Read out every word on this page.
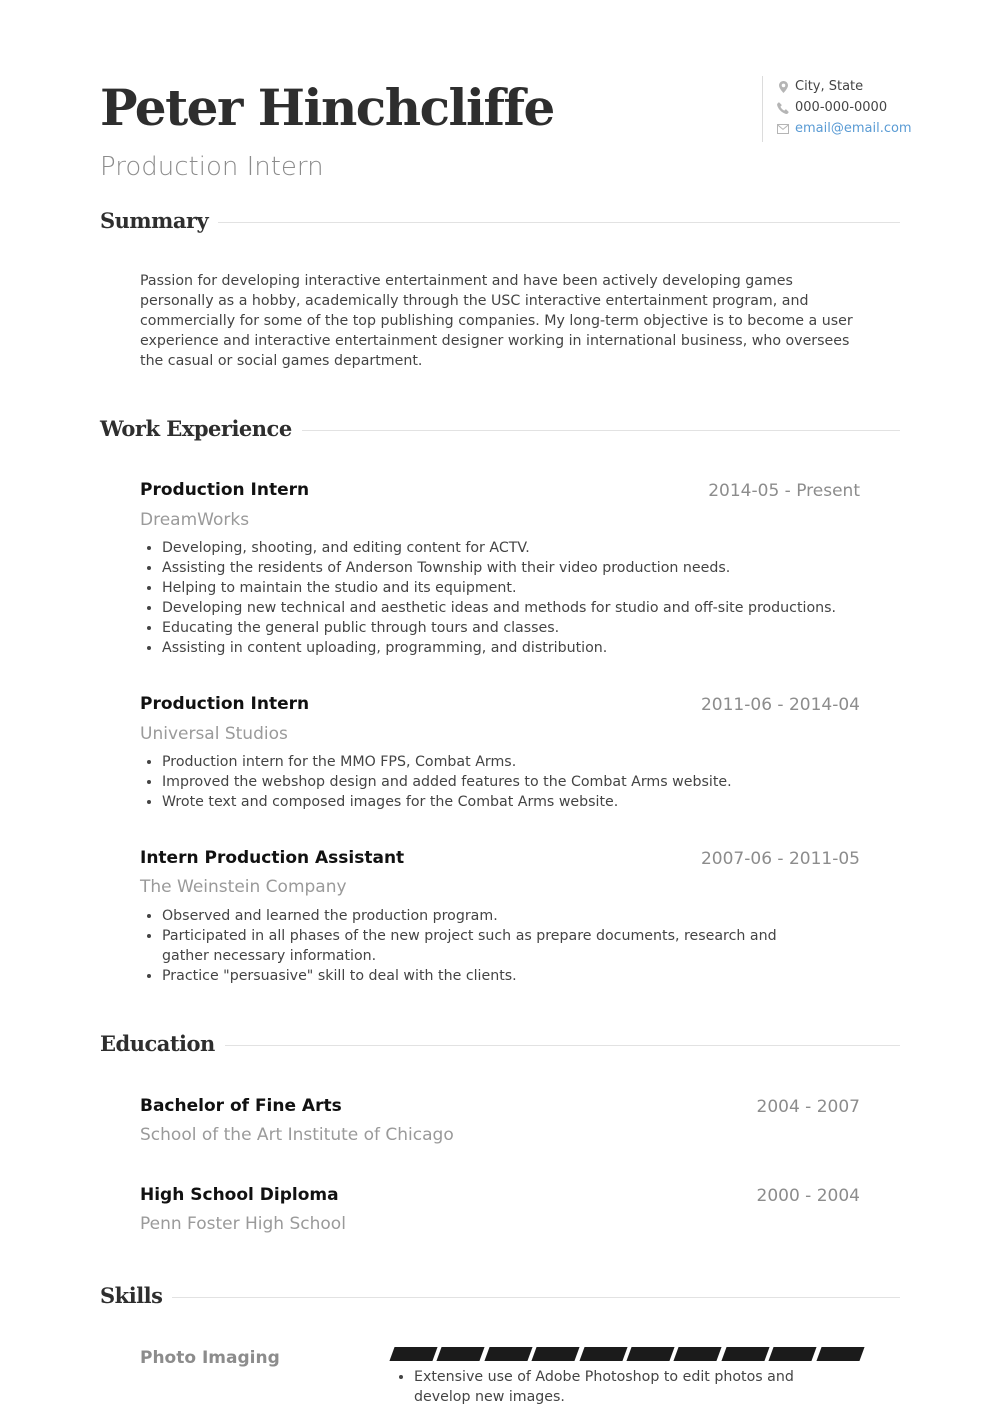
Peter Hinchcliffe
Production Intern
City, State
000-000-0000
email@email.com
Summary
Passion for developing interactive entertainment and have been actively developing games personally as a hobby, academically through the USC interactive entertainment program, and commercially for some of the top publishing companies. My long-term objective is to become a user experience and interactive entertainment designer working in international business, who oversees the casual or social games department.
Work Experience
Production Intern	2014-05 - Present
DreamWorks
• Developing, shooting, and editing content for ACTV.
• Assisting the residents of Anderson Township with their video production needs.
• Helping to maintain the studio and its equipment.
• Developing new technical and aesthetic ideas and methods for studio and off-site productions.
• Educating the general public through tours and classes.
• Assisting in content uploading, programming, and distribution.
Production Intern	2011-06 - 2014-04
Universal Studios
• Production intern for the MMO FPS, Combat Arms.
• Improved the webshop design and added features to the Combat Arms website.
• Wrote text and composed images for the Combat Arms website.
Intern Production Assistant	2007-06 - 2011-05
The Weinstein Company
• Observed and learned the production program.
• Participated in all phases of the new project such as prepare documents, research and gather necessary information.
• Practice "persuasive" skill to deal with the clients.
Education
Bachelor of Fine Arts	2004 - 2007
School of the Art Institute of Chicago
High School Diploma	2000 - 2004
Penn Foster High School
Skills
Photo Imaging
• Extensive use of Adobe Photoshop to edit photos and develop new images.
